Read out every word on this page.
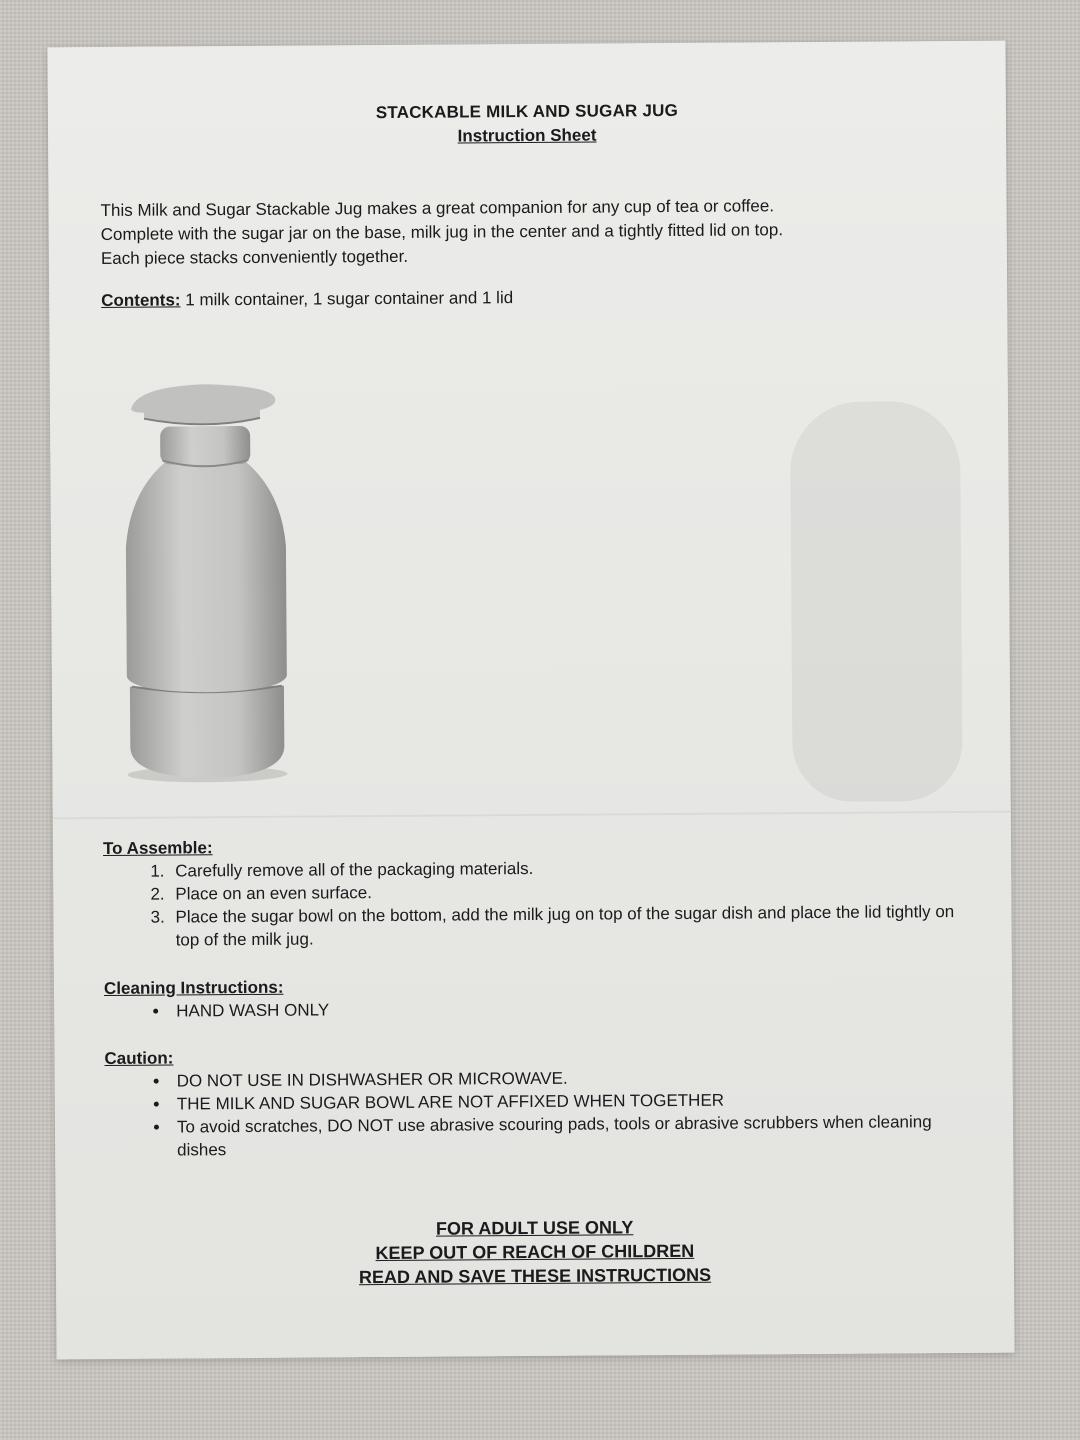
STACKABLE MILK AND SUGAR JUG
Instruction Sheet
This Milk and Sugar Stackable Jug makes a great companion for any cup of tea or coffee.
Complete with the sugar jar on the base, milk jug in the center and a tightly fitted lid on top.
Each piece stacks conveniently together.
Contents: 1 milk container, 1 sugar container and 1 lid
To Assemble:
1. Carefully remove all of the packaging materials.
2. Place on an even surface.
3. Place the sugar bowl on the bottom, add the milk jug on top of the sugar dish and place the lid tightly on top of the milk jug.
Cleaning Instructions:
• HAND WASH ONLY
Caution:
• DO NOT USE IN DISHWASHER OR MICROWAVE.
• THE MILK AND SUGAR BOWL ARE NOT AFFIXED WHEN TOGETHER
• To avoid scratches, DO NOT use abrasive scouring pads, tools or abrasive scrubbers when cleaning dishes
FOR ADULT USE ONLY
KEEP OUT OF REACH OF CHILDREN
READ AND SAVE THESE INSTRUCTIONS
